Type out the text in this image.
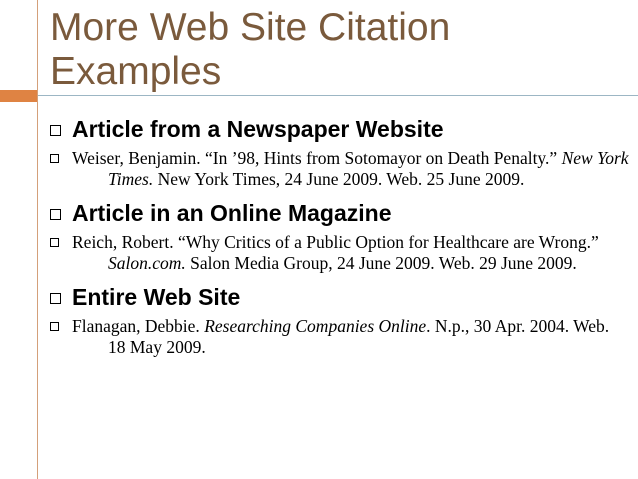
More Web Site Citation
Examples
Article from a Newspaper Website
Weiser, Benjamin. “In ’98, Hints from Sotomayor on Death Penalty.” New York Times. New York Times, 24 June 2009. Web. 25 June 2009.
Article in an Online Magazine
Reich, Robert. “Why Critics of a Public Option for Healthcare are Wrong.” Salon.com. Salon Media Group, 24 June 2009. Web. 29 June 2009.
Entire Web Site
Flanagan, Debbie. Researching Companies Online. N.p., 30 Apr. 2004. Web. 18 May 2009.
